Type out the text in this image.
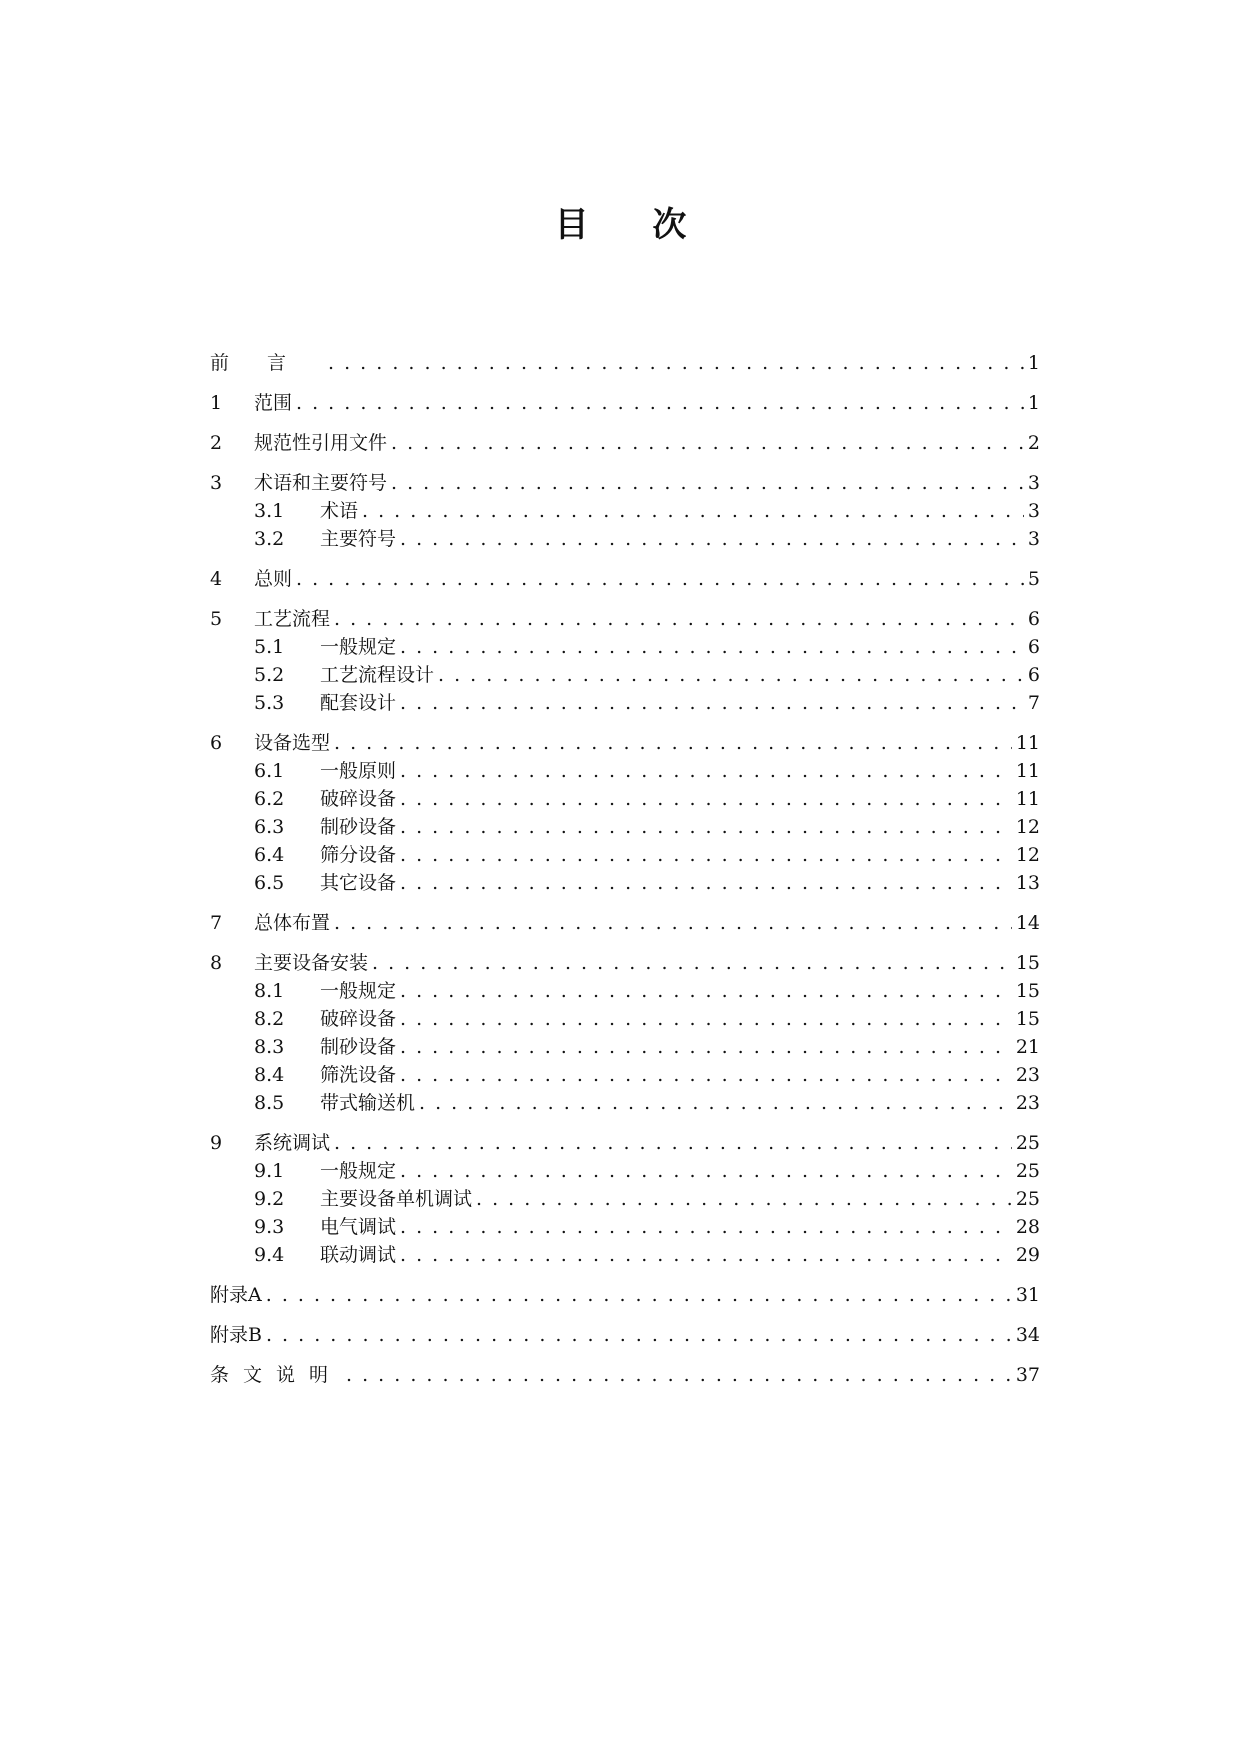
目 次
前言 . . .	1
1	范围 . . .	1
2	规范性引用文件 . . .	2
3	术语和主要符号 . . .	3
3.1	术语 . . .	3
3.2	主要符号 . . .	3
4	总则 . . .	5
5	工艺流程 . . .	6
5.1	一般规定 . . .	6
5.2	工艺流程设计 . . .	6
5.3	配套设计 . . .	7
6	设备选型 . . .	11
6.1	一般原则 . . .	11
6.2	破碎设备 . . .	11
6.3	制砂设备 . . .	12
6.4	筛分设备 . . .	12
6.5	其它设备 . . .	13
7	总体布置 . . .	14
8	主要设备安装 . . .	15
8.1	一般规定 . . .	15
8.2	破碎设备 . . .	15
8.3	制砂设备 . . .	21
8.4	筛洗设备 . . .	23
8.5	带式输送机 . . .	23
9	系统调试 . . .	25
9.1	一般规定 . . .	25
9.2	主要设备单机调试 . . .	25
9.3	电气调试 . . .	28
9.4	联动调试 . . .	29
附录A . . .	31
附录B . . .	34
条文说明 . . .	37
